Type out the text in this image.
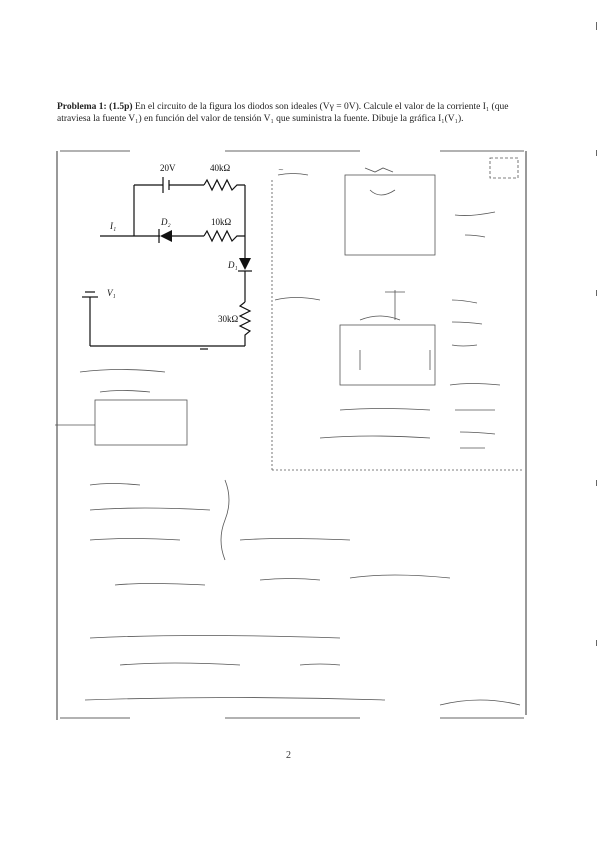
Problema 1: (1.5p) En el circuito de la figura los diodos son ideales (Vγ = 0V). Calcule el valor de la corriente I₁ (que atraviesa la fuente V₁) en función del valor de tensión V₁ que suministra la fuente. Dibuje la gráfica I₁(V₁).
20V	40kΩ
D₂	10kΩ
D₁
30kΩ
I₁
V₁
~
2
